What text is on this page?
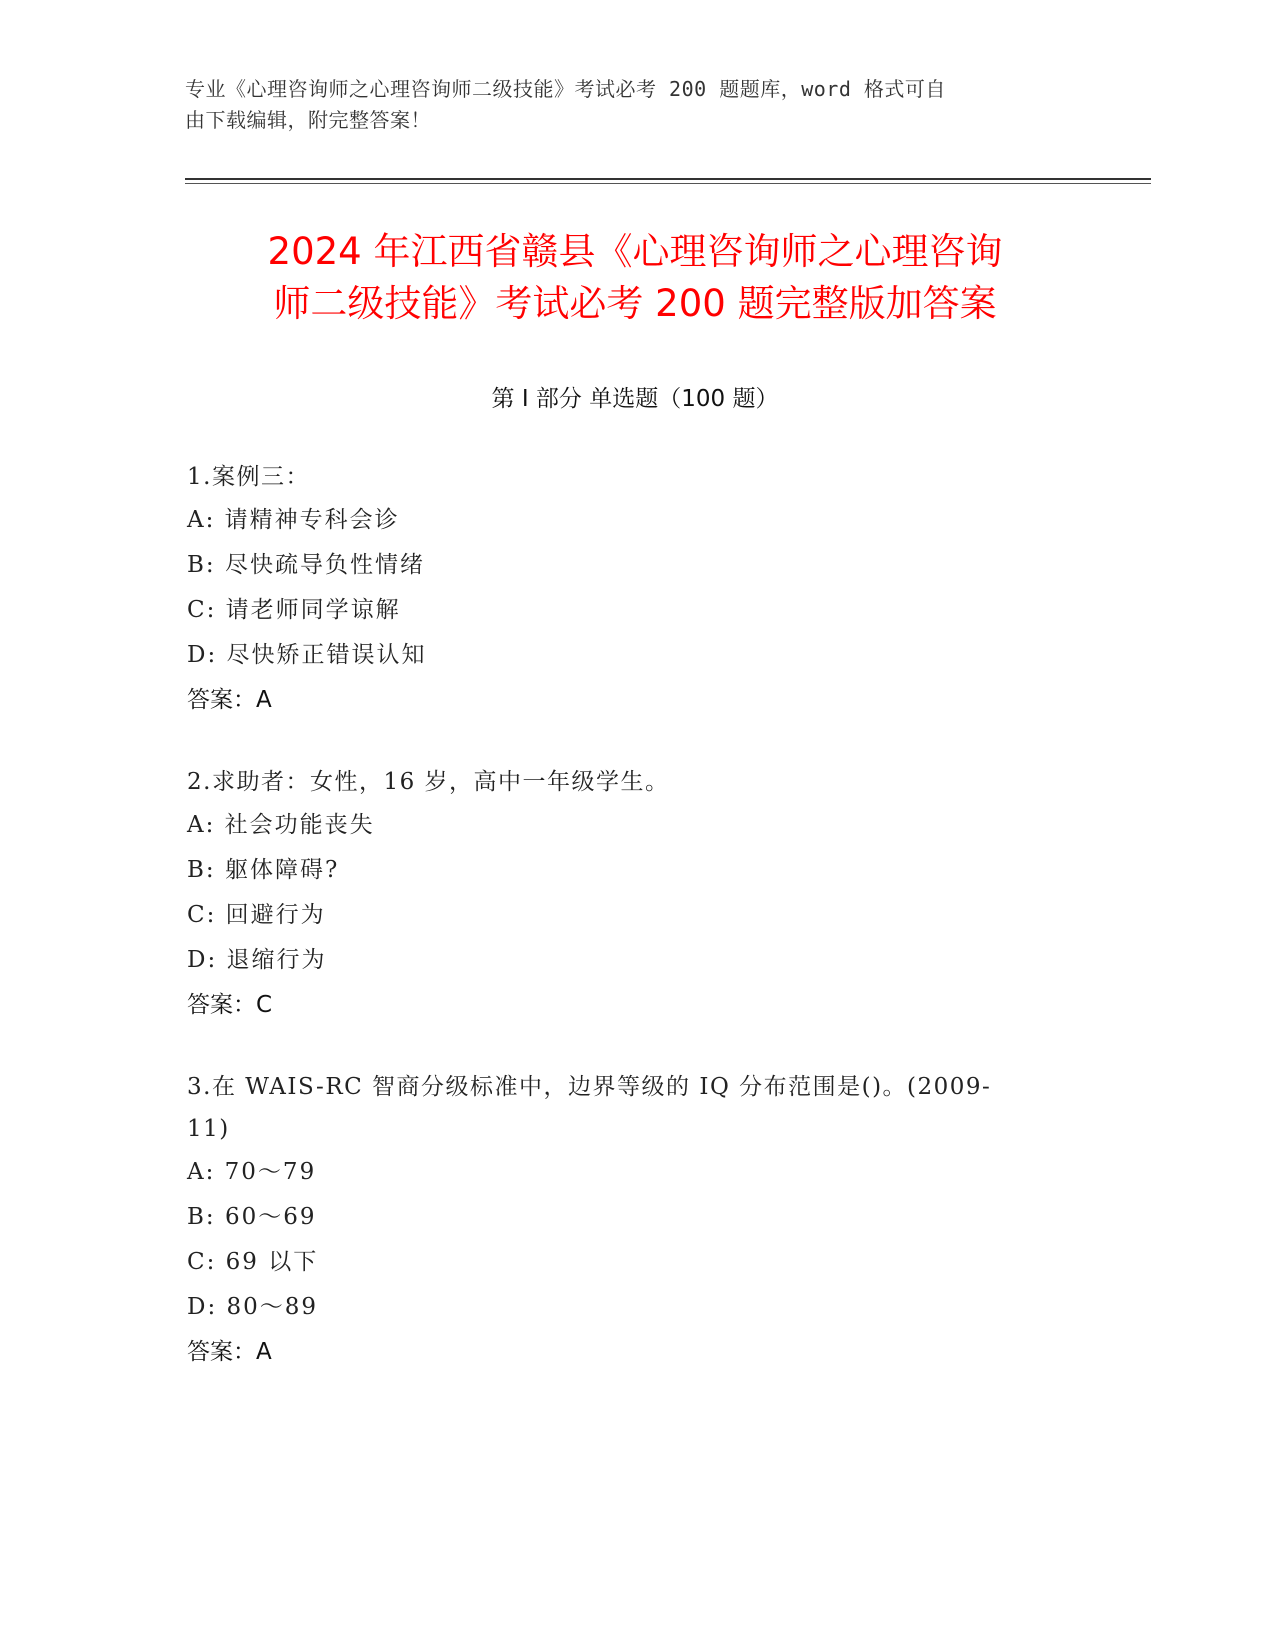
专业《心理咨询师之心理咨询师二级技能》考试必考 200 题题库，word 格式可自
由下载编辑，附完整答案！
2024 年江西省赣县《心理咨询师之心理咨询
师二级技能》考试必考 200 题完整版加答案
第 I 部分 单选题（100 题）
1.案例三：
A: 请精神专科会诊
B: 尽快疏导负性情绪
C: 请老师同学谅解
D: 尽快矫正错误认知
答案：A
2.求助者：女性，16 岁，高中一年级学生。
A: 社会功能丧失
B: 躯体障碍?
C: 回避行为
D: 退缩行为
答案：C
3.在 WAIS-RC 智商分级标准中，边界等级的 IQ 分布范围是()。(2009-
11)
A: 70～79
B: 60～69
C: 69 以下
D: 80～89
答案：A
